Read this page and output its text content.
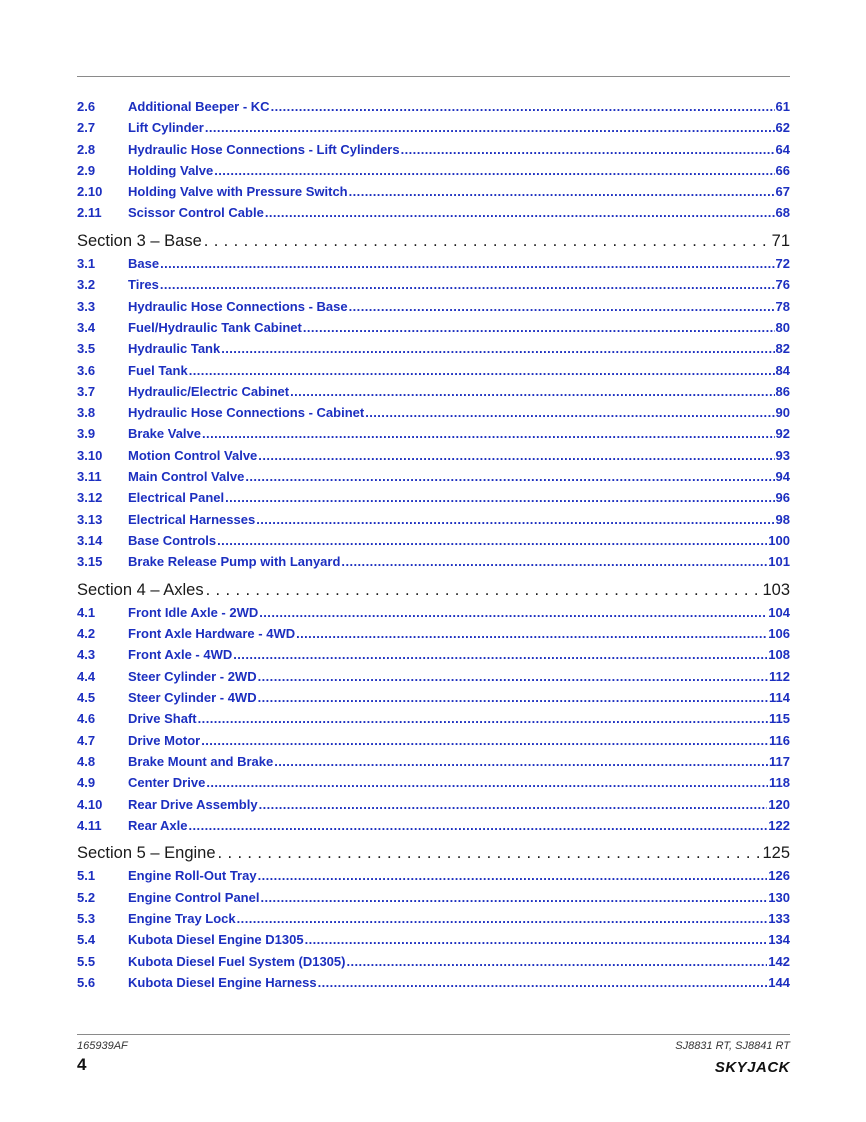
2.6	Additional Beeper - KC . . .	61
2.7	Lift Cylinder . . .	62
2.8	Hydraulic Hose Connections - Lift Cylinders . . .	64
2.9	Holding Valve . . .	66
2.10	Holding Valve with Pressure Switch . . .	67
2.11	Scissor Control Cable . . .	68
Section 3 – Base . . .	71
3.1	Base . . .	72
3.2	Tires . . .	76
3.3	Hydraulic Hose Connections - Base . . .	78
3.4	Fuel/Hydraulic Tank Cabinet . . .	80
3.5	Hydraulic Tank . . .	82
3.6	Fuel Tank . . .	84
3.7	Hydraulic/Electric Cabinet . . .	86
3.8	Hydraulic Hose Connections - Cabinet . . .	90
3.9	Brake Valve . . .	92
3.10	Motion Control Valve . . .	93
3.11	Main Control Valve . . .	94
3.12	Electrical Panel . . .	96
3.13	Electrical Harnesses . . .	98
3.14	Base Controls . . .	100
3.15	Brake Release Pump with Lanyard . . .	101
Section 4 – Axles . . .	103
4.1	Front Idle Axle - 2WD . . .	104
4.2	Front Axle Hardware - 4WD . . .	106
4.3	Front Axle - 4WD . . .	108
4.4	Steer Cylinder - 2WD . . .	112
4.5	Steer Cylinder - 4WD . . .	114
4.6	Drive Shaft . . .	115
4.7	Drive Motor . . .	116
4.8	Brake Mount and Brake . . .	117
4.9	Center Drive . . .	118
4.10	Rear Drive Assembly . . .	120
4.11	Rear Axle . . .	122
Section 5 – Engine . . .	125
5.1	Engine Roll-Out Tray . . .	126
5.2	Engine Control Panel . . .	130
5.3	Engine Tray Lock . . .	133
5.4	Kubota Diesel Engine D1305 . . .	134
5.5	Kubota Diesel Fuel System (D1305) . . .	142
5.6	Kubota Diesel Engine Harness . . .	144
165939AF	SJ8831 RT, SJ8841 RT
4	SKYJACK
